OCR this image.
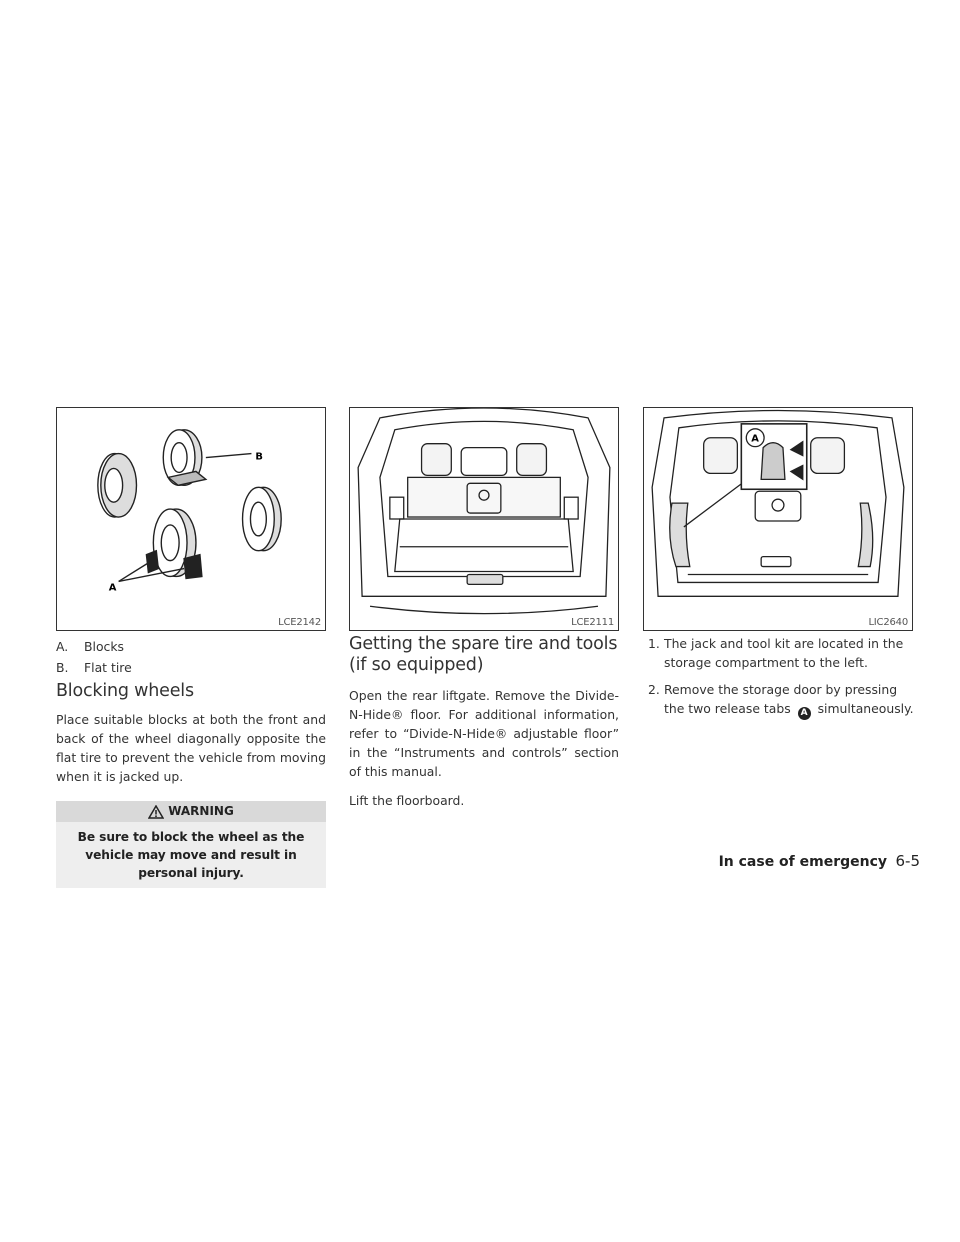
B
A
LCE2142	LCE2111
A
LIC2640
A.	Blocks
B.	Flat tire
Blocking wheels

Place suitable blocks at both the front and back of the wheel diagonally opposite the flat tire to prevent the vehicle from moving when it is jacked up.

WARNING
Be sure to block the wheel as the vehicle may move and result in personal injury.
Getting the spare tire and tools (if so equipped)

Open the rear liftgate. Remove the Divide-N-Hide® floor. For additional information, refer to “Divide-N-Hide® adjustable floor” in the “Instruments and controls” section of this manual.

Lift the floorboard.

1. The jack and tool kit are located in the storage compartment to the left.
2. Remove the storage door by pressing the two release tabs A simultaneously.
In case of emergency 6-5
